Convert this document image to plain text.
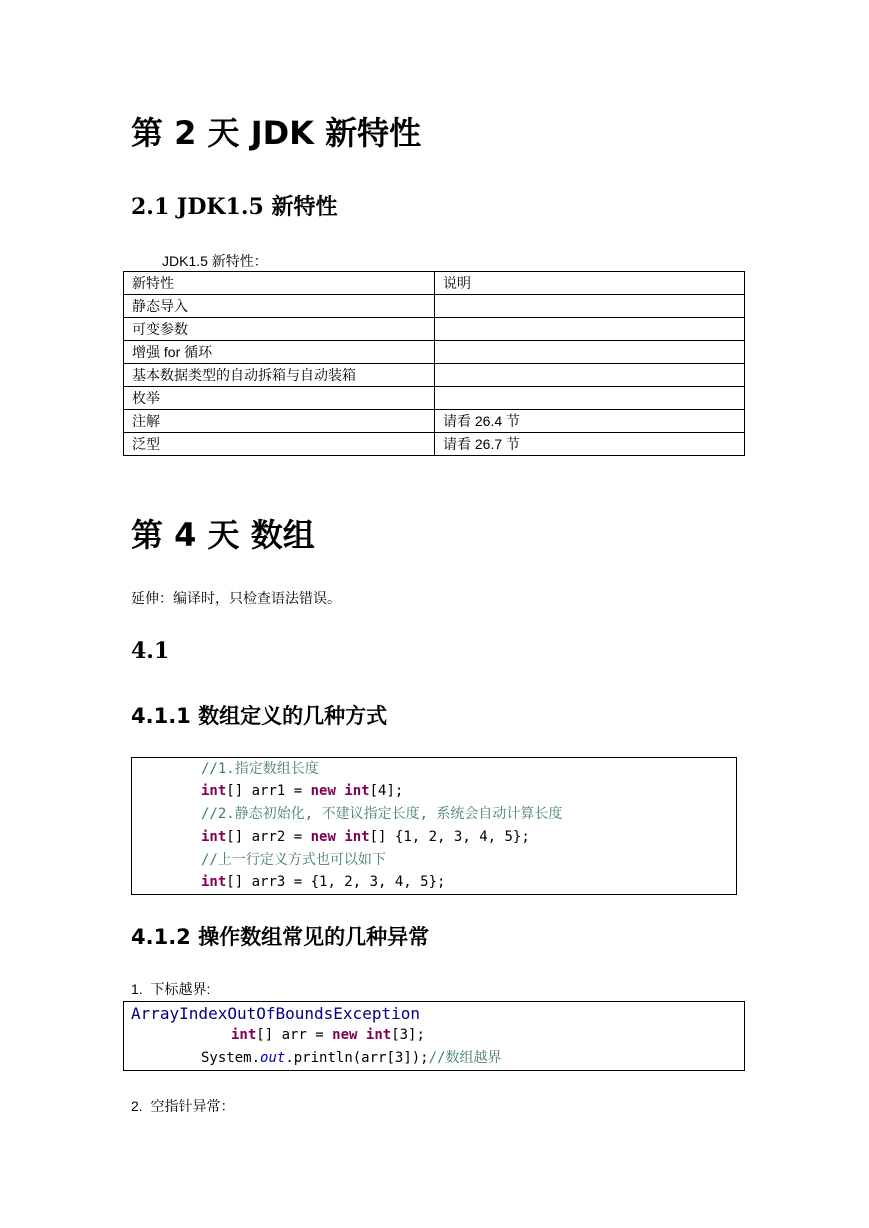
第 2 天 JDK 新特性
2.1 JDK1.5 新特性

JDK1.5 新特性：

新特性	说明
静态导入	
可变参数	
增强 for 循环	
基本数据类型的自动拆箱与自动装箱	
枚举	
注解	请看 26.4 节
泛型	请看 26.7 节
第 4 天 数组

延伸：编译时，只检查语法错误。

4.1
4.1.1 数组定义的几种方式
//1.指定数组长度
int[] arr1 = new int[4];
//2.静态初始化, 不建议指定长度, 系统会自动计算长度
int[] arr2 = new int[] {1, 2, 3, 4, 5};
//上一行定义方式也可以如下
int[] arr3 = {1, 2, 3, 4, 5};
4.1.2 操作数组常见的几种异常

1. 下标越界:

ArrayIndexOutOfBoundsException
int[] arr = new int[3];
System.out.println(arr[3]);//数组越界

2. 空指针异常：
